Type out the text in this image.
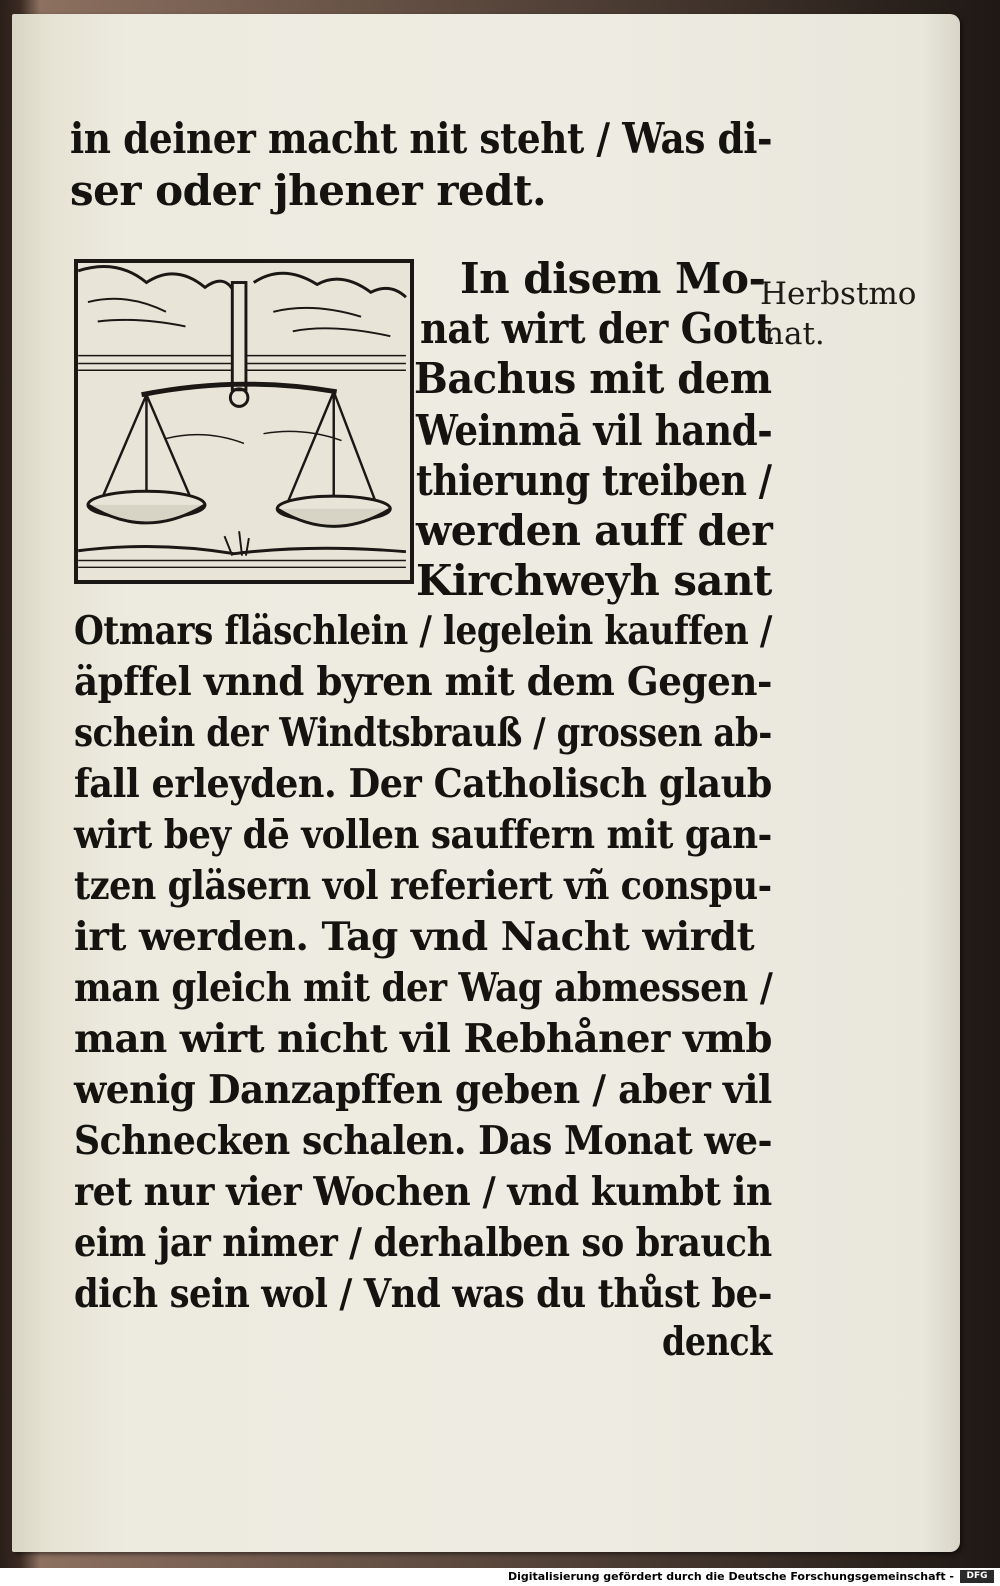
in deiner macht nit steht / Was di-
ser oder jhener redt.
In disem Mo-
nat wirt der Gott
Bachus mit dem
Weinmā vil hand-
thierung treiben /
werden auff der
Kirchweyh sant
Herbstmo
nat.
Otmars fläschlein / legelein kauffen /
äpffel vnnd byren mit dem Gegen-
schein der Windtsbrauß / grossen ab-
fall erleyden. Der Catholisch glaub
wirt bey dē vollen sauffern mit gan-
tzen gläsern vol referiert vñ conspu-
irt werden. Tag vnd Nacht wirdt
man gleich mit der Wag abmessen /
man wirt nicht vil Rebhåner vmb
wenig Danzapffen geben / aber vil
Schnecken schalen. Das Monat we-
ret nur vier Wochen / vnd kumbt in
eim jar nimer / derhalben so brauch
dich sein wol / Vnd was du thůst be-
denck
Digitalisierung gefördert durch die Deutsche Forschungsgemeinschaft -	DFG
